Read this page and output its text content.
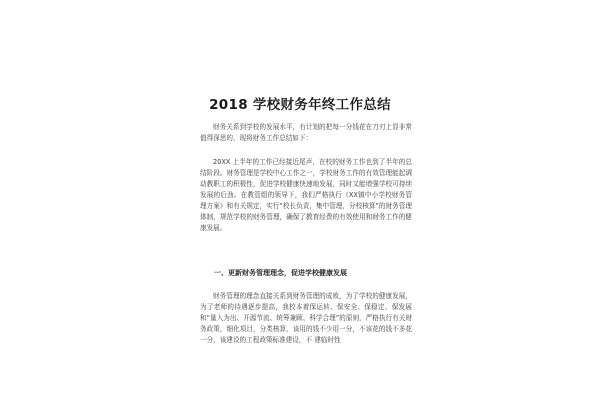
2018 学校财务年终工作总结

财务关系到学校的发展水平，有计划的把每一分钱花在刀刃上显非常值得深思的，现将财务工作总结如下：

20XX 上半年的工作已经接近尾声，在校的财务工作也到了半年的总结阶段。财务管理是学校中心工作之一，学校财务工作的有效管理能起调动教职工的积极性，促进学校健康快速地发展，同时又能增强学校可持续发展的后劲。在教管组的领导下，我们严格执行《XX镇中小学校财务管理方案》和有关规定，实行“校长负责，集中管理，分校核算”的财务管理体制，规范学校的财务管理，确保了教育经费的有效使用和财务工作的健康发展。

一、更新财务管理理念，促进学校健康发展

财务管理的理念直接关系到财务管理的成败，为了学校的健康发展，为了老师的待遇逐步提高，我校本着保运转、保安全、保稳定、保发展和“量入为出、开源节流、统筹兼顾、科学合理”的原则，严格执行有关财务政策，细化项目，分类核算，该用的钱不少用一分，不该花的钱不多花一分，该建设的工程政策标准建设，不 建临时性
